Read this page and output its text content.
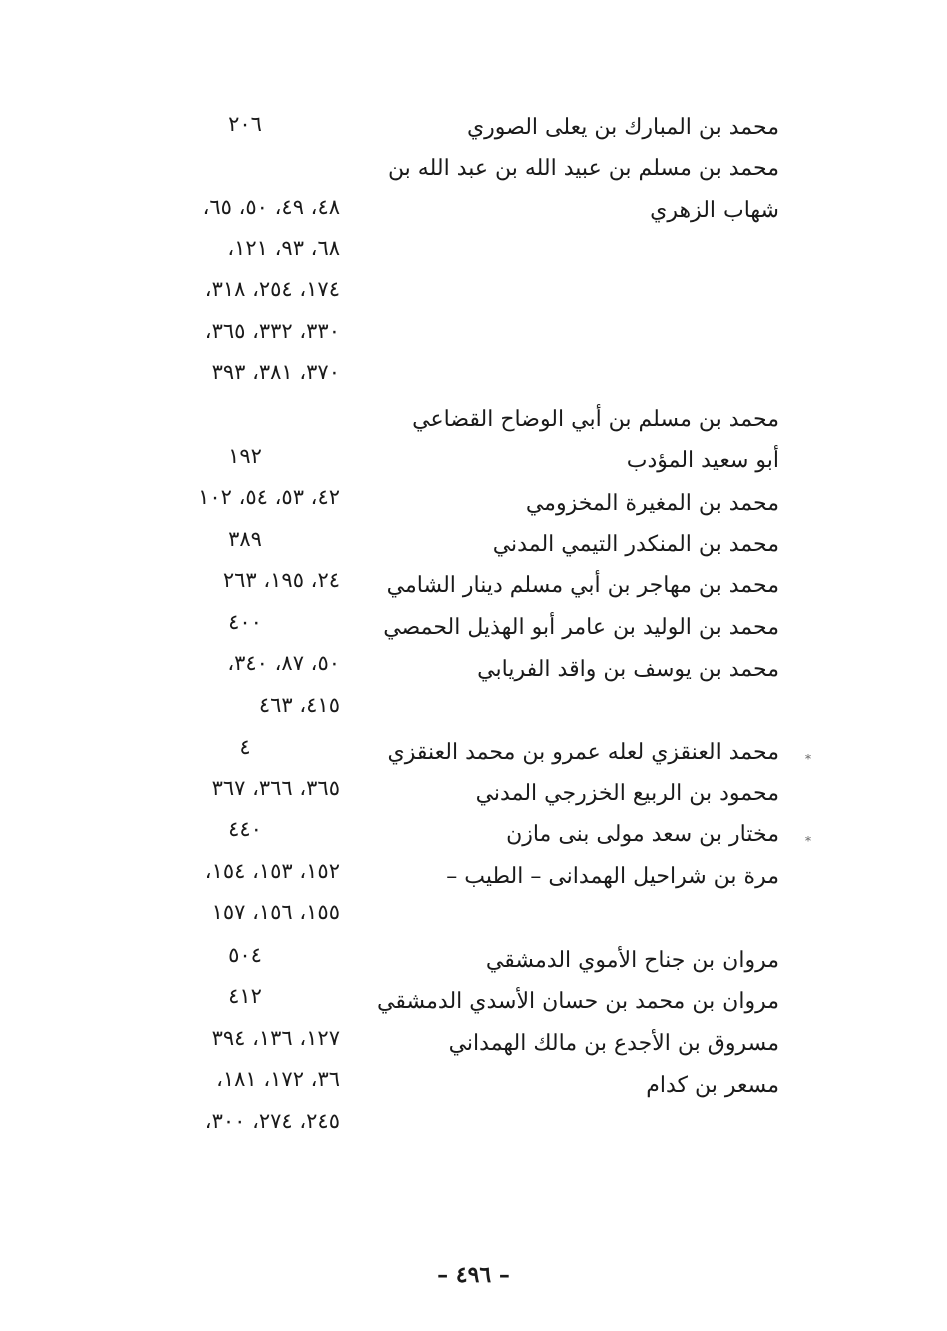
محمد بن المبارك بن يعلى الصوري
محمد بن مسلم بن عبيد الله بن عبد الله بن
شهاب الزهري
محمد بن مسلم بن أبي الوضاح القضاعي
أبو سعيد المؤدب
محمد بن المغيرة المخزومي
محمد بن المنكدر التيمي المدني
محمد بن مهاجر بن أبي مسلم دينار الشامي
محمد بن الوليد بن عامر أبو الهذيل الحمصي
محمد بن يوسف بن واقد الفريابي
محمد العنقزي لعله عمرو بن محمد العنقزي
محمود بن الربيع الخزرجي المدني
مختار بن سعد مولى بنى مازن
مرة بن شراحيل الهمدانى – الطيب –
مروان بن جناح الأموي الدمشقي
مروان بن محمد بن حسان الأسدي الدمشقي
مسروق بن الأجدع بن مالك الهمداني
مسعر بن كدام
٢٠٦
٤٨، ٤٩، ٥٠، ٦٥،
٦٨، ٩٣، ١٢١،
١٧٤، ٢٥٤، ٣١٨،
٣٣٠، ٣٣٢، ٣٦٥،
٣٧٠، ٣٨١، ٣٩٣
١٩٢
٤٢، ٥٣، ٥٤، ١٠٢
٣٨٩
٢٤، ١٩٥، ٢٦٣
٤٠٠
٥٠، ٨٧، ٣٤٠،
٤١٥، ٤٦٣
٤
٣٦٥، ٣٦٦، ٣٦٧
٤٤٠
١٥٢، ١٥٣، ١٥٤،
١٥٥، ١٥٦، ١٥٧
٥٠٤
٤١٢
١٢٧، ١٣٦، ٣٩٤
٣٦، ١٧٢، ١٨١،
٢٤٥، ٢٧٤، ٣٠٠،
*
*
– ٤٩٦ –
